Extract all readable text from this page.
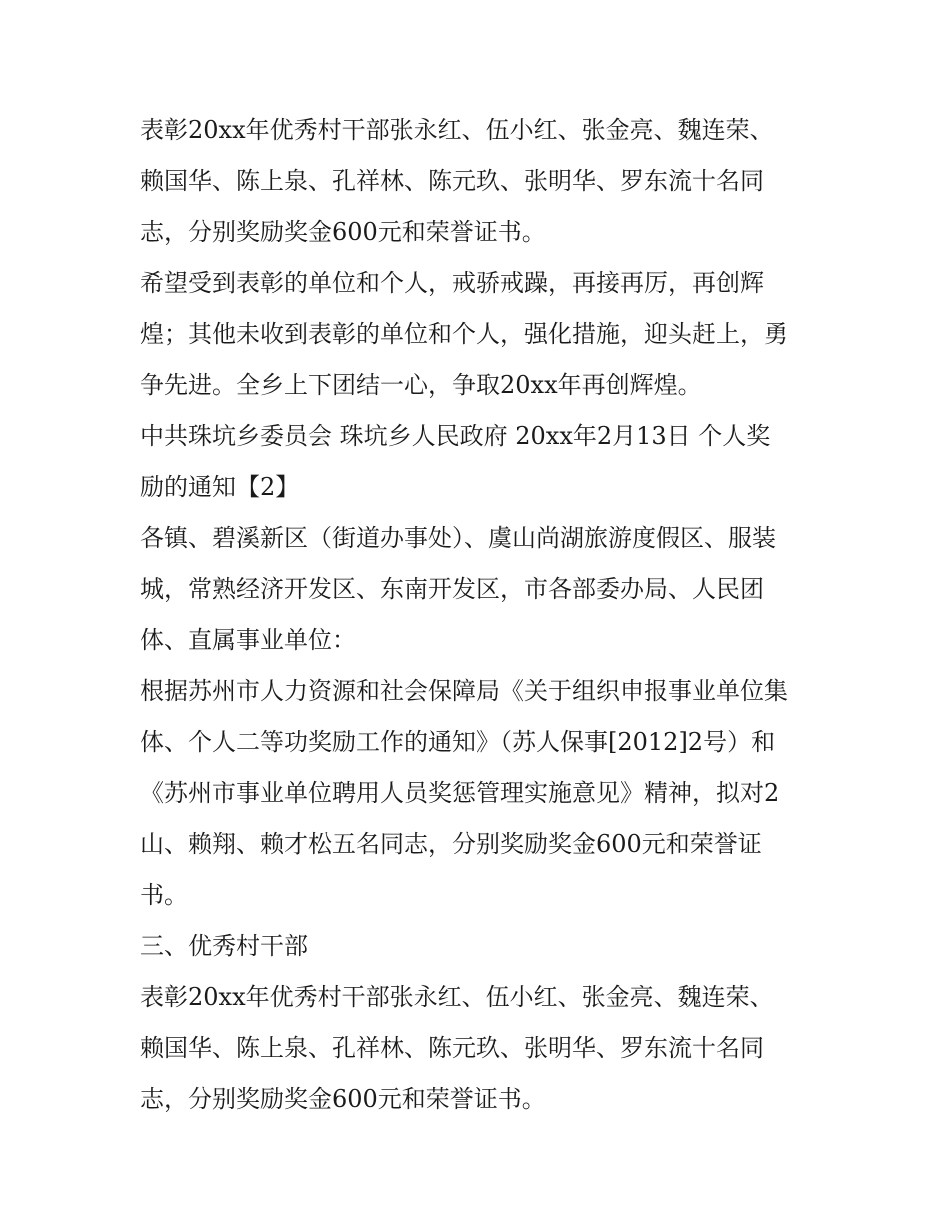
表彰20xx年优秀村干部张永红、伍小红、张金亮、魏连荣、
赖国华、陈上泉、孔祥林、陈元玖、张明华、罗东流十名同
志，分别奖励奖金600元和荣誉证书。

希望受到表彰的单位和个人，戒骄戒躁，再接再厉，再创辉
煌；其他未收到表彰的单位和个人，强化措施，迎头赶上，勇
争先进。全乡上下团结一心，争取20xx年再创辉煌。

中共珠坑乡委员会 珠坑乡人民政府 20xx年2月13日 个人奖
励的通知【2】

各镇、碧溪新区（街道办事处）、虞山尚湖旅游度假区、服装
城，常熟经济开发区、东南开发区，市各部委办局、人民团
体、直属事业单位：

根据苏州市人力资源和社会保障局《关于组织申报事业单位集
体、个人二等功奖励工作的通知》（苏人保事[2012]2号）和
《苏州市事业单位聘用人员奖惩管理实施意见》精神，拟对2
山、赖翔、赖才松五名同志，分别奖励奖金600元和荣誉证
书。

三、优秀村干部

表彰20xx年优秀村干部张永红、伍小红、张金亮、魏连荣、
赖国华、陈上泉、孔祥林、陈元玖、张明华、罗东流十名同
志，分别奖励奖金600元和荣誉证书。
